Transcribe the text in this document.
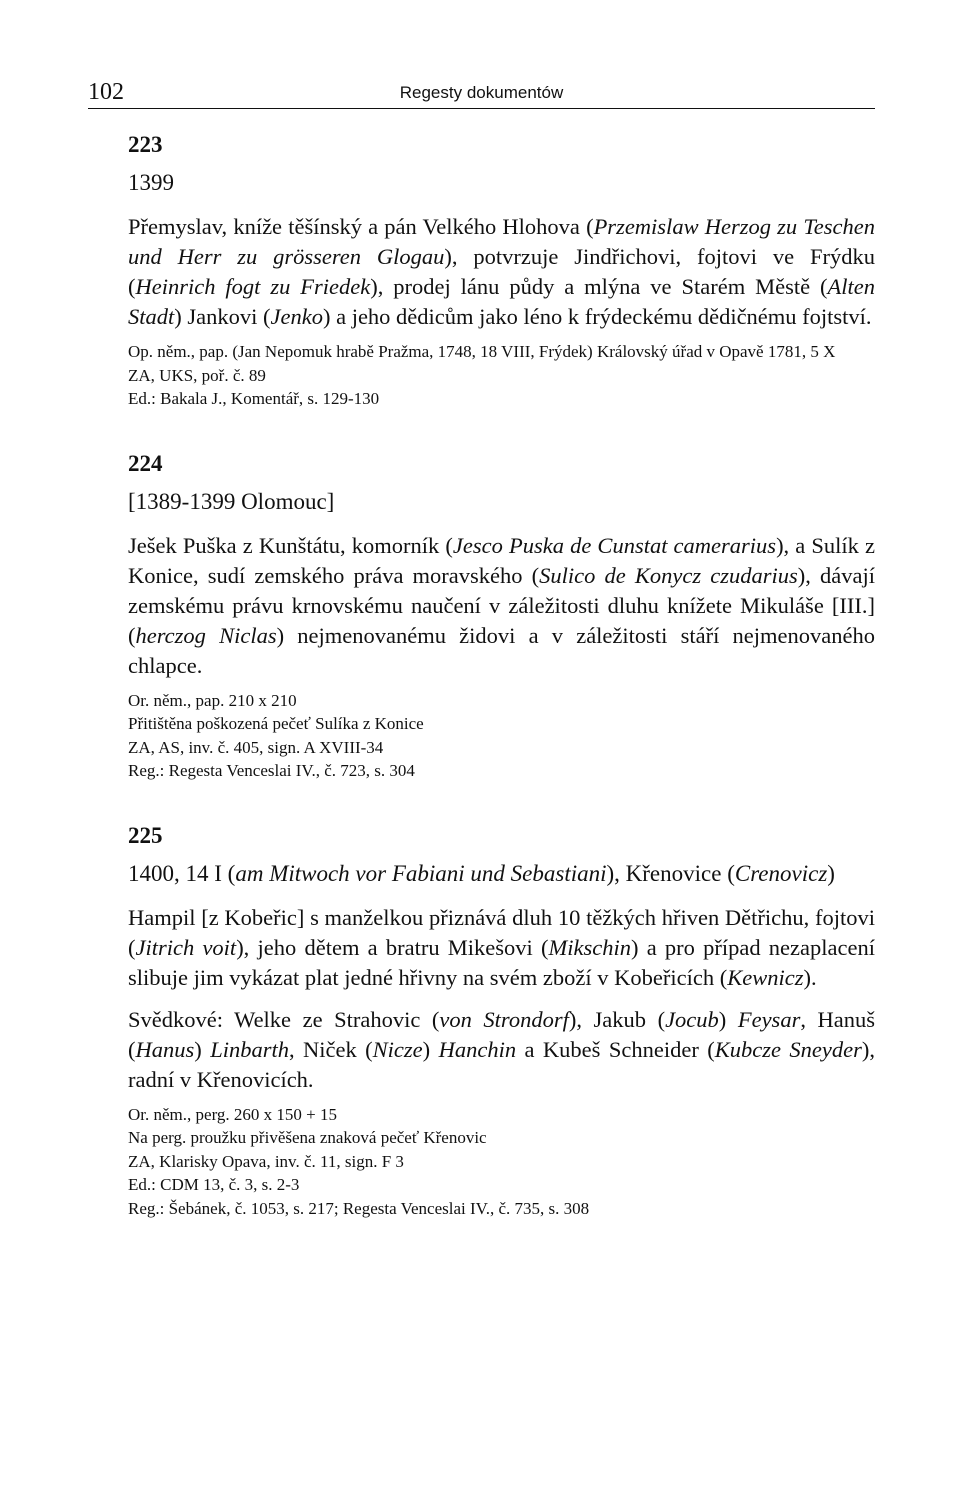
102	Regesty dokumentów

223

1399

Přemyslav, kníže těšínský a pán Velkého Hlohova (Przemislaw Herzog zu Teschen und Herr zu grösseren Glogau), potvrzuje Jindřichovi, fojtovi ve Frýdku (Heinrich fogt zu Friedek), prodej lánu půdy a mlýna ve Starém Městě (Alten Stadt) Jankovi (Jenko) a jeho dědicům jako léno k frýdeckému dědičnému fojtství.

Op. něm., pap. (Jan Nepomuk hrabě Pražma, 1748, 18 VIII, Frýdek) Královský úřad v Opavě 1781, 5 X

ZA, UKS, poř. č. 89

Ed.: Bakala J., Komentář, s. 129-130

224

[1389-1399 Olomouc]

Ješek Puška z Kunštátu, komorník (Jesco Puska de Cunstat camerarius), a Sulík z Konice, sudí zemského práva moravského (Sulico de Konycz czudarius), dávají zemskému právu krnovskému naučení v záležitosti dluhu knížete Mikuláše [III.] (herczog Niclas) nejmenovanému židovi a v záležitosti stáří nejmenovaného chlapce.

Or. něm., pap. 210 x 210

Přitištěna poškozená pečeť Sulíka z Konice

ZA, AS, inv. č. 405, sign. A XVIII-34

Reg.: Regesta Venceslai IV., č. 723, s. 304

225

1400, 14 I (am Mitwoch vor Fabiani und Sebastiani), Křenovice (Crenovicz)

Hampil [z Kobeřic] s manželkou přiznává dluh 10 těžkých hřiven Dětřichu, fojtovi (Jitrich voit), jeho dětem a bratru Mikešovi (Mikschin) a pro případ nezaplacení slibuje jim vykázat plat jedné hřivny na svém zboží v Kobeřicích (Kewnicz).

Svědkové: Welke ze Strahovic (von Strondorf), Jakub (Jocub) Feysar, Hanuš (Hanus) Linbarth, Niček (Nicze) Hanchin a Kubeš Schneider (Kubcze Sneyder), radní v Křenovicích.

Or. něm., perg. 260 x 150 + 15

Na perg. proužku přivěšena znaková pečeť Křenovic

ZA, Klarisky Opava, inv. č. 11, sign. F 3

Ed.: CDM 13, č. 3, s. 2-3

Reg.: Šebánek, č. 1053, s. 217; Regesta Venceslai IV., č. 735, s. 308
